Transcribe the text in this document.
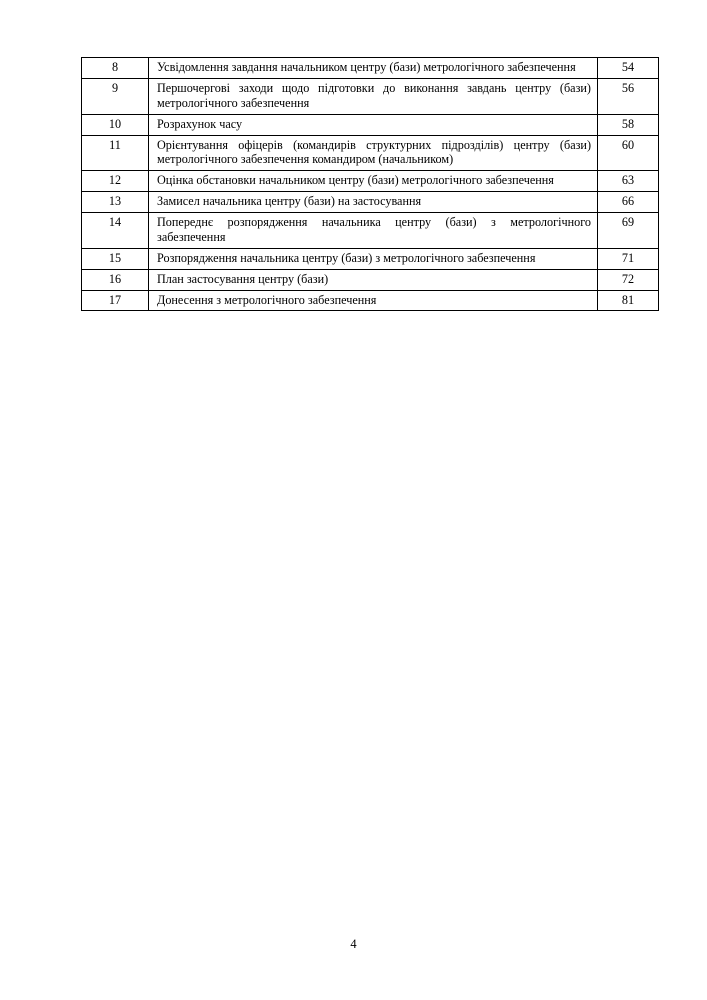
8	Усвідомлення завдання начальником центру (бази) метрологічного забезпечення	54
9	Першочергові заходи щодо підготовки до виконання завдань центру (бази) метрологічного забезпечення	56
10	Розрахунок часу	58
11	Орієнтування офіцерів (командирів структурних підрозділів) центру (бази) метрологічного забезпечення командиром (начальником)	60
12	Оцінка обстановки начальником центру (бази) метрологічного забезпечення	63
13	Замисел начальника центру (бази) на застосування	66
14	Попереднє розпорядження начальника центру (бази) з метрологічного забезпечення	69
15	Розпорядження начальника центру (бази) з метрологічного забезпечення	71
16	План застосування центру (бази)	72
17	Донесення з метрологічного забезпечення	81
4
